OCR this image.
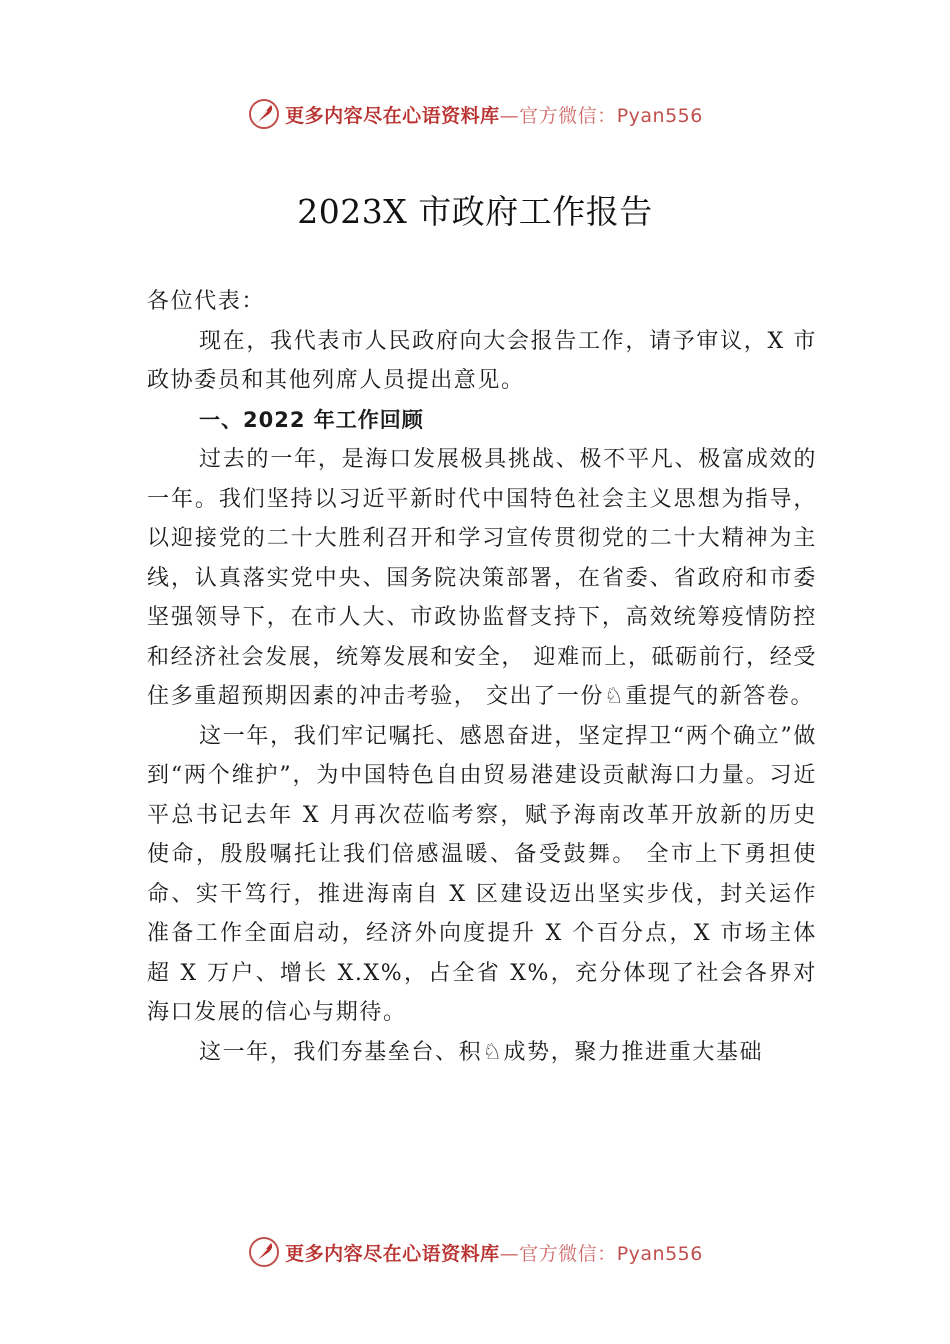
更多内容尽在心语资料库—官方微信：Pyan556
2023X 市政府工作报告

各位代表：

现在，我代表市人民政府向大会报告工作，请予审议，X 市政协委员和其他列席人员提出意见。

一、2022 年工作回顾

过去的一年，是海口发展极具挑战、极不平凡、极富成效的一年。我们坚持以习近平新时代中国特色社会主义思想为指导，以迎接党的二十大胜利召开和学习宣传贯彻党的二十大精神为主线，认真落实党中央、国务院决策部署，在省委、省政府和市委坚强领导下，在市人大、市政协监督支持下，高效统筹疫情防控和经济社会发展，统筹发展和安全， 迎难而上，砥砺前行，经受住多重超预期因素的冲击考验， 交出了一份♘重提气的新答卷。

这一年，我们牢记嘱托、感恩奋进，坚定捍卫“两个确立”做到“两个维护”，为中国特色自由贸易港建设贡献海口力量。习近平总书记去年 X 月再次莅临考察，赋予海南改革开放新的历史使命，殷殷嘱托让我们倍感温暖、备受鼓舞。 全市上下勇担使命、实干笃行，推进海南自 X 区建设迈出坚实步伐，封关运作准备工作全面启动，经济外向度提升 X 个百分点，X 市场主体超 X 万户、增长 X.X%，占全省 X%，充分体现了社会各界对海口发展的信心与期待。

这一年，我们夯基垒台、积♘成势，聚力推进重大基础

更多内容尽在心语资料库—官方微信：Pyan556
